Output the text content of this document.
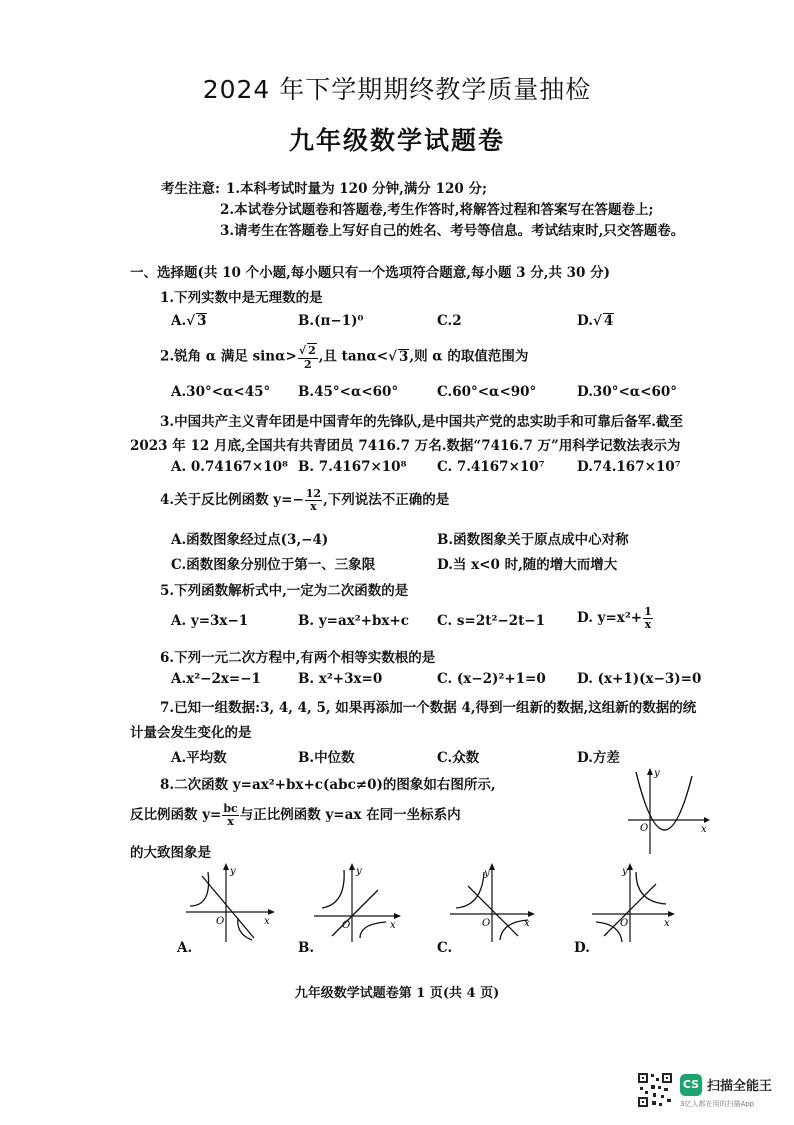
2024 年下学期期终教学质量抽检
九年级数学试题卷
考生注意: 1.本科考试时量为 120 分钟,满分 120 分;
2.本试卷分试题卷和答题卷,考生作答时,将解答过程和答案写在答题卷上;
3.请考生在答题卷上写好自己的姓名、考号等信息。考试结束时,只交答题卷。
一、选择题(共 10 个小题,每小题只有一个选项符合题意,每小题 3 分,共 30 分)
1.下列实数中是无理数的是
A.√ 3	B.(π−1)⁰	C.2	D.√ 4
2.锐角 α 满足 $\sin\alpha> \frac{√ 2}{2}$ ,且 tanα<√ 3,则 α 的取值范围为
A.30°<α<45° B.45°<α<60°	C.60°<α<90°	D.30°<α<60°
3.中国共产主义青年团是中国青年的先锋队,是中国共产党的忠实助手和可靠后备军.截至
2023 年 12 月底,全国共有共青团员 7416.7 万名.数据“7416.7 万”用科学记数法表示为
A. 0.74167×10⁸ B. 7.4167×10⁸ C. 7.4167×10⁷ D.74.167×10⁷
4.关于反比例函数 $y=- \frac{12}{x}$ ,下列说法不正确的是
A.函数图象经过点(3,−4)	B.函数图象关于原点成中心对称
C.函数图象分别位于第一、三象限	D.当 x<0 时,随的增大而增大
5.下列函数解析式中,一定为二次函数的是
A. y=3x−1	B. y=ax²+bx+c C. s=2t²−2t−1 D. $y=x^2+ \frac{1}{x}$
6.下列一元二次方程中,有两个相等实数根的是
A.x²−2x=−1	B. x²+3x=0	C. (x−2)²+1=0 D. (x+1)(x−3)=0
7.已知一组数据:3, 4, 4, 5, 如果再添加一个数据 4,得到一组新的数据,这组新的数据的统
计量会发生变化的是
A.平均数	B.中位数	C.众数	D.方差
8.二次函数 y=ax²+bx+c(abc≠0)的图象如右图所示,
反比例函数 $y= \frac{bc}{x}$ 与正比例函数 y=ax 在同一坐标系内
的大致图象是
y
x
O
y
x
O
A.
y
x
O
B.
y
x
O
C.
y
x
O
D.
九年级数学试题卷第 1 页(共 4 页)
CS 扫描全能王
3亿人都在用的扫描App
